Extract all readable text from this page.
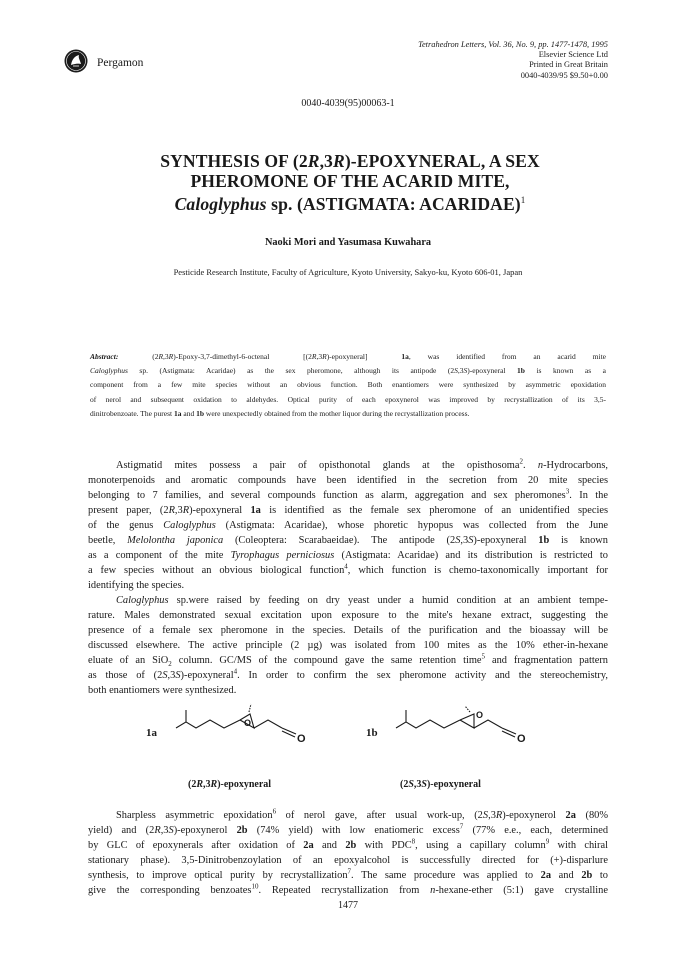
Pergamon
Tetrahedron Letters, Vol. 36, No. 9, pp. 1477-1478, 1995
Elsevier Science Ltd
Printed in Great Britain
0040-4039/95 $9.50+0.00
0040-4039(95)00063-1
SYNTHESIS OF (2R,3R)-EPOXYNERAL, A SEX
PHEROMONE OF THE ACARID MITE,
Caloglyphus sp. (ASTIGMATA: ACARIDAE)$^1$
Naoki Mori and Yasumasa Kuwahara
Pesticide Research Institute, Faculty of Agriculture, Kyoto University, Sakyo-ku, Kyoto 606-01, Japan
Abstract:  (2R,3R)-Epoxy-3,7-dimethyl-6-octenal  [(2R,3R)-epoxyneral]  1a, was identified from an acarid mite
Caloglyphus sp. (Astigmata: Acaridae) as the sex pheromone, although its antipode (2S,3S)-epoxyneral 1b is known as a
component from a few mite species without an obvious function. Both enantiomers were synthesized by asymmetric epoxidation
of nerol and subsequent oxidation to aldehydes. Optical purity of each epoxynerol was improved by recrystallization of its 3,5-
dinitrobenzoate. The purest 1a and 1b were unexpectedly obtained from the mother liquor during the recrystallization process.
Astigmatid mites possess a pair of opisthonotal glands at the opisthosoma$^2$. n-Hydrocarbons,
monoterpenoids and aromatic compounds have been identified in the secretion from 20 mite species
belonging to 7 families, and several compounds function as alarm, aggregation and sex pheromones$^3$. In the
present paper, (2R,3R)-epoxyneral 1a is identified as the female sex pheromone of an unidentified species
of the genus Caloglyphus (Astigmata: Acaridae), whose phoretic hypopus was collected from the June
beetle, Melolontha japonica (Coleoptera: Scarabaeidae). The antipode (2S,3S)-epoxyneral 1b is known
as a component of the mite Tyrophagus perniciosus (Astigmata: Acaridae) and its distribution is restricted to
a few species without an obvious biological function$^4$, which function is chemo-taxonomically important for
identifying the species.
Caloglyphus sp.were raised by feeding on dry yeast under a humid condition at an ambient tempe-
rature. Males demonstrated sexual excitation upon exposure to the mite's hexane extract, suggesting the
presence of a female sex pheromone in the species. Details of the purification and the bioassay will be
discussed elsewhere. The active principle (2 µg) was isolated from 100 mites as the 10% ether-in-hexane
eluate of an SiO$_2$ column. GC/MS of the compound gave the same retention time$^5$ and fragmentation pattern
as those of (2S,3S)-epoxyneral$^4$. In order to confirm the sex pheromone activity and the stereochemistry,
both enantiomers were synthesized.
1a
O
O	1b
O
O
(2R,3R)-epoxyneral	(2S,3S)-epoxyneral
Sharpless asymmetric epoxidation$^6$ of nerol gave, after usual work-up, (2S,3R)-epoxynerol 2a (80%
yield) and (2R,3S)-epoxynerol 2b (74% yield) with low enatiomeric excess$^7$ (77% e.e., each, determined
by GLC of epoxynerals after oxidation of 2a and 2b with PDC$^8$, using a capillary column$^9$ with chiral
stationary phase). 3,5-Dinitrobenzoylation of an epoxyalcohol is successfully directed for (+)-disparlure
synthesis, to improve optical purity by recrystallization$^7$. The same procedure was applied to 2a and 2b to
give the corresponding benzoates$^{10}$. Repeated recrystallization from n-hexane-ether (5:1) gave crystalline
1477
